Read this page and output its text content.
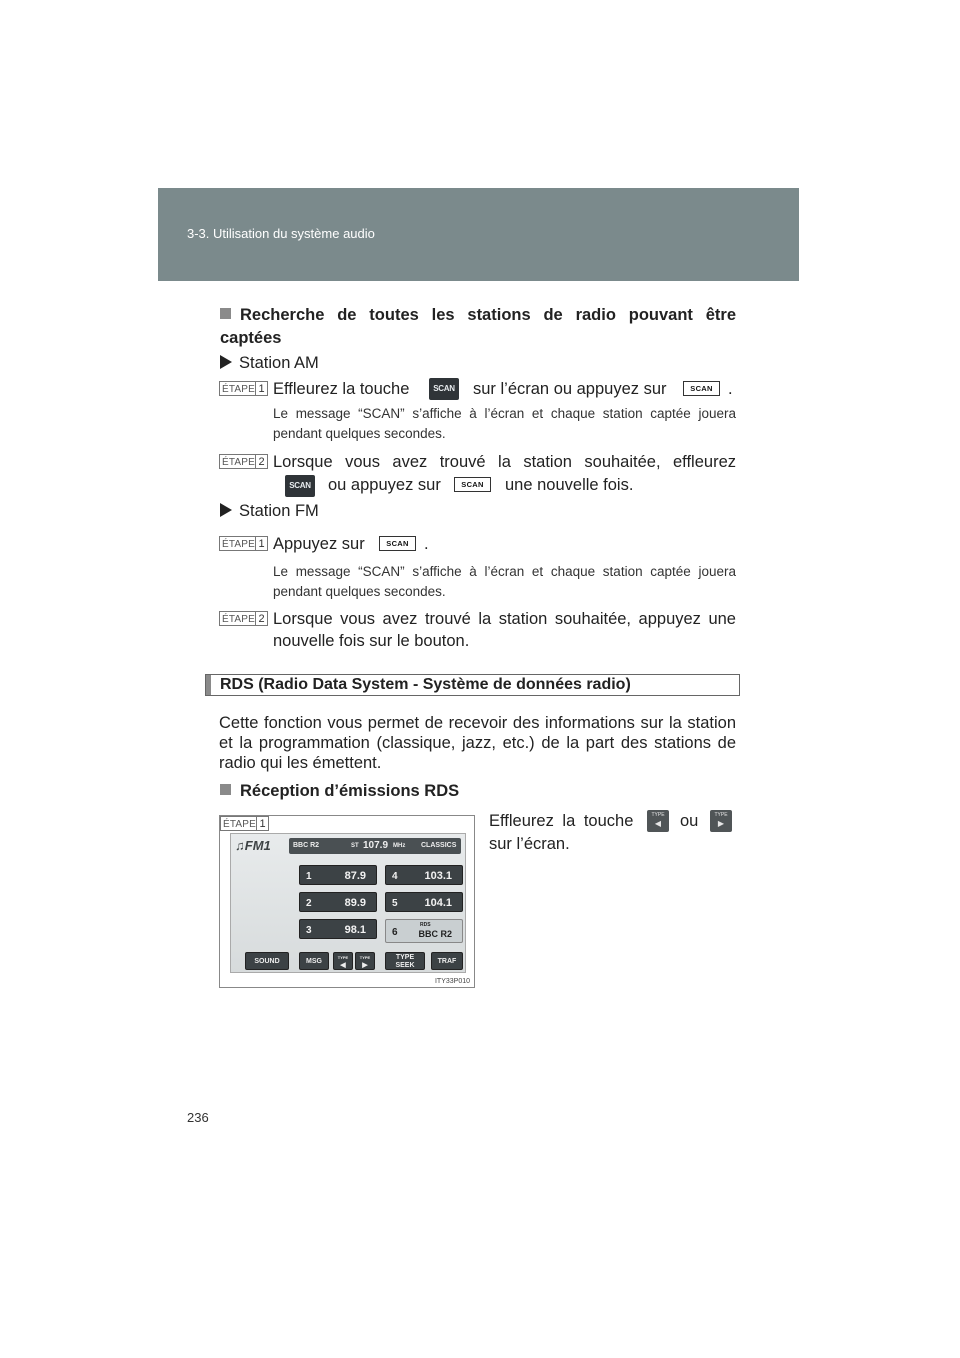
3-3. Utilisation du système audio
Recherche de toutes les stations de radio pouvant être captées
Station AM
ÉTAPE 1 Effleurez la touche	SCAN sur l’écran ou appuyez sur	SCAN .
Le message “SCAN” s’affiche à l’écran et chaque station captée jouera pendant quelques secondes.
ÉTAPE 2 Lorsque vous avez trouvé la station souhaitée, effleurez
SCAN ou appuyez sur	SCAN	une nouvelle fois.
Station FM
ÉTAPE 1 Appuyez sur	SCAN .
Le message “SCAN” s’affiche à l’écran et chaque station captée jouera pendant quelques secondes.
ÉTAPE 2 Lorsque vous avez trouvé la station souhaitée, appuyez une nouvelle fois sur le bouton.
RDS (Radio Data System - Système de données radio)
Cette fonction vous permet de recevoir des informations sur la station et la programmation (classique, jazz, etc.) de la part des stations de radio qui les émettent.
Réception d’émissions RDS
Effleurez la touche	TYPE
◀	ou	TYPE
▶
sur l’écran.
ÉTAPE 1
♫FM1	BBC R2	ST 107.9 MHz CLASSICS
1	87.9	4 103.1
2	89.9	5 104.1
3	98.1	6
RDS
BBC R2
SOUND	MSG
TYPE
◀
TYPE
▶
TYPE
SEEK
TRAF
ITY33P010
236
